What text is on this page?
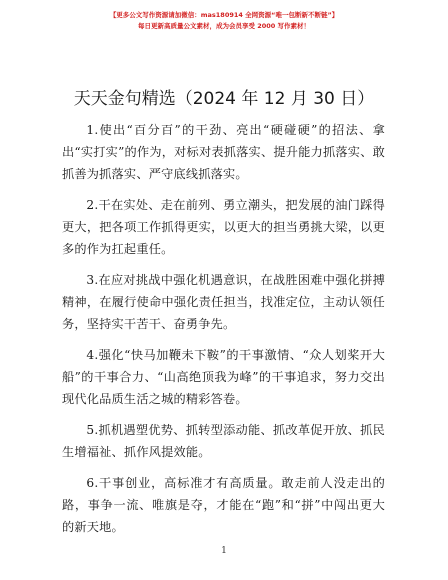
【更多公文写作资源请加微信：mas180914 全网资源“唯一包断新不断链”】
每日更新高质量公文素材，成为会员享受 2000 写作素材！
天天金句精选（2024 年 12 月 30 日）

1.使出“百分百”的干劲、亮出“硬碰硬”的招法、拿出“实打实”的作为，对标对表抓落实、提升能力抓落实、敢抓善为抓落实、严守底线抓落实。

2.干在实处、走在前列、勇立潮头，把发展的油门踩得更大，把各项工作抓得更实，以更大的担当勇挑大梁，以更多的作为扛起重任。

3.在应对挑战中强化机遇意识，在战胜困难中强化拼搏精神，在履行使命中强化责任担当，找准定位，主动认领任务，坚持实干苦干、奋勇争先。

4.强化“快马加鞭未下鞍”的干事激情、“众人划桨开大船”的干事合力、“山高绝顶我为峰”的干事追求，努力交出现代化品质生活之城的精彩答卷。

5.抓机遇塑优势、抓转型添动能、抓改革促开放、抓民生增福祉、抓作风提效能。

6.干事创业，高标准才有高质量。敢走前人没走出的路，事争一流、唯旗是夺，才能在“跑”和“拼”中闯出更大的新天地。

1
